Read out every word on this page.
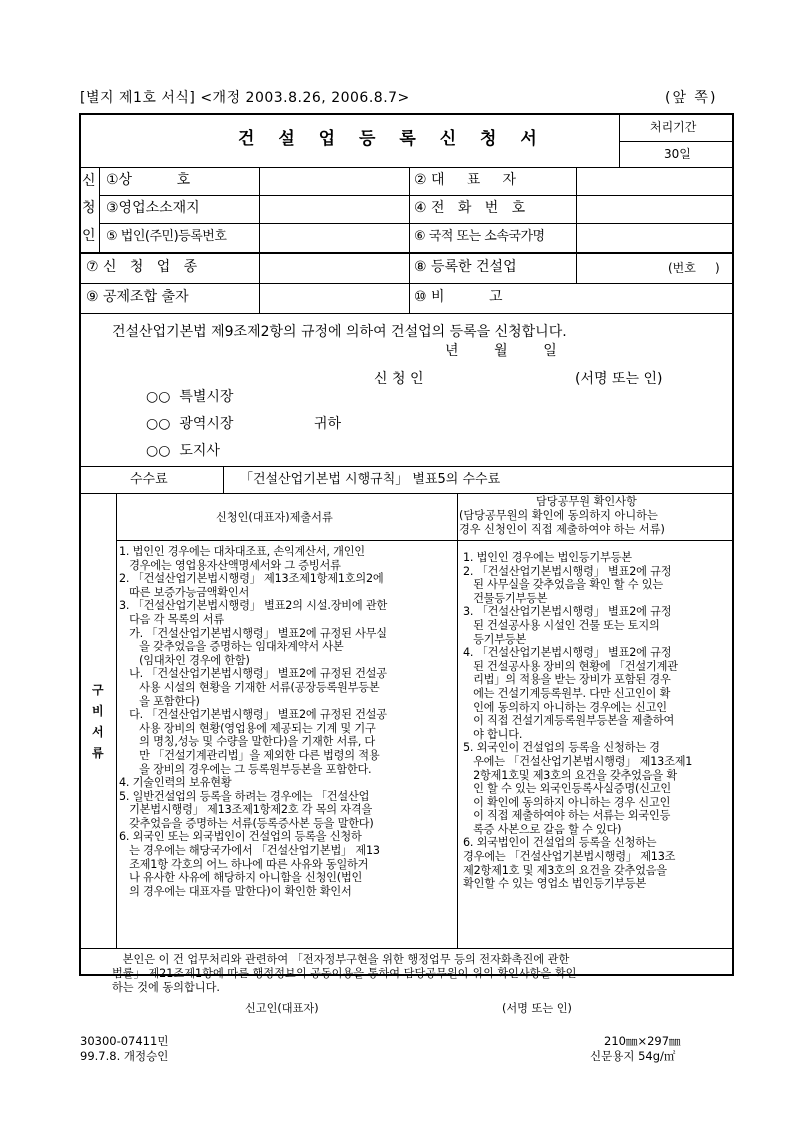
[별지 제1호 서식] <개정 2003.8.26, 2006.8.7>	(앞 쪽)
건 설 업 등 록 신 청 서
처리기간
30일
신
청
인
①상          호	② 대     표     자
③영업소소재지	④ 전   화   번   호
⑤ 법인(주민)등록번호	⑥ 국적 또는 소속국가명
⑦ 신   청   업   종	⑧ 등록한 건설업	(번호     )
⑨ 공제조합 출자	⑩ 비          고
건설산업기본법 제9조제2항의 규정에 의하여 건설업의 등록을 신청합니다.
년        월        일
신 청 인	(서명 또는 인)
○○  특별시장
○○  광역시장	귀하
○○  도지사
수수료	「건설산업기본법 시행규칙」 별표5의 수수료
구
비
서
류
신청인(대표자)제출서류
담당공무원 확인사항
(담당공무원의 확인에 동의하지 아니하는
경우 신청인이 직접 제출하여야 하는 서류)
1. 법인인 경우에는 대차대조표, 손익계산서, 개인인
경우에는 영업용자산액명세서와 그 증빙서류
2. 「건설산업기본법시행령」 제13조제1항제1호의2에
따른 보증가능금액확인서
3. 「건설산업기본법시행령」 별표2의 시설.장비에 관한
다음 각 목록의 서류
가. 「건설산업기본법시행령」 별표2에 규정된 사무실
을 갖추었음을 증명하는 임대차계약서 사본
(임대차인 경우에 한함)
나. 「건설산업기본법시행령」 별표2에 규정된 건설공
사용 시설의 현황을 기재한 서류(공장등록원부등본
을 포함한다)
다. 「건설산업기본법시행령」 별표2에 규정된 건설공
사용 장비의 현황(영업용에 제공되는 기계 및 기구
의 명칭,성능 및 수량을 말한다)을 기재한 서류, 다
만 「건설기계관리법」을 제외한 다른 법령의 적용
을 장비의 경우에는 그 등록원부등본을 포함한다.
4. 기술인력의 보유현황
5. 일반건설업의 등록을 하려는 경우에는 「건설산업
기본법시행령」 제13조제1항제2호 각 목의 자격을
갖추었음을 증명하는 서류(등록증사본 등을 말한다)
6. 외국인 또는 외국법인이 건설업의 등록을 신청하
는 경우에는 해당국가에서 「건설산업기본법」 제13
조제1항 각호의 어느 하나에 따른 사유와 동일하거
나 유사한 사유에 해당하지 아니함을 신청인(법인
의 경우에는 대표자를 말한다)이 확인한 확인서
1. 법인인 경우에는 법인등기부등본
2. 「건설산업기본법시행령」 별표2에 규정
된 사무실을 갖추었음을 확인 할 수 있는
건물등기부등본
3. 「건설산업기본법시행령」 별표2에 규정
된 건설공사용 시설인 건물 또는 토지의
등기부등본
4. 「건설산업기본법시행령」 별표2에 규정
된 건설공사용 장비의 현황에 「건설기계관
리법」의 적용을 받는 장비가 포함된 경우
에는 건설기계등록원부. 다만 신고인이 확
인에 동의하지 아니하는 경우에는 신고인
이 직접 건설기계등록원부등본을 제출하여
야 합니다.
5. 외국인이 건설업의 등록을 신청하는 경
우에는 「건설산업기본법시행령」 제13조제1
2항제1호및 제3호의 요건을 갖추었음을 확
인 할 수 있는 외국인등록사실증명(신고인
이 확인에 동의하지 아니하는 경우 신고인
이 직접 제출하여야 하는 서류는 외국인등
록증 사본으로 갈음 할 수 있다)
6. 외국법인이 건설업의 등록을 신청하는
경우에는 「건설산업기본법시행령」 제13조
제2항제1호 및 제3호의 요건을 갖추었음을
확인할 수 있는 영업소 법인등기부등본
본인은 이 건 업무처리와 관련하여 「전자정부구현을 위한 행정업무 등의 전자화촉진에 관한
법률」 제21조제1항에 따른 행정정보의 공동이용을 통하여 담당공무원이 위의 확인사항을 확인
하는 것에 동의합니다.
신고인(대표자)	(서명 또는 인)
30300-07411민
99.7.8. 개정승인
210㎜×297㎜
신문용지 54g/㎡
